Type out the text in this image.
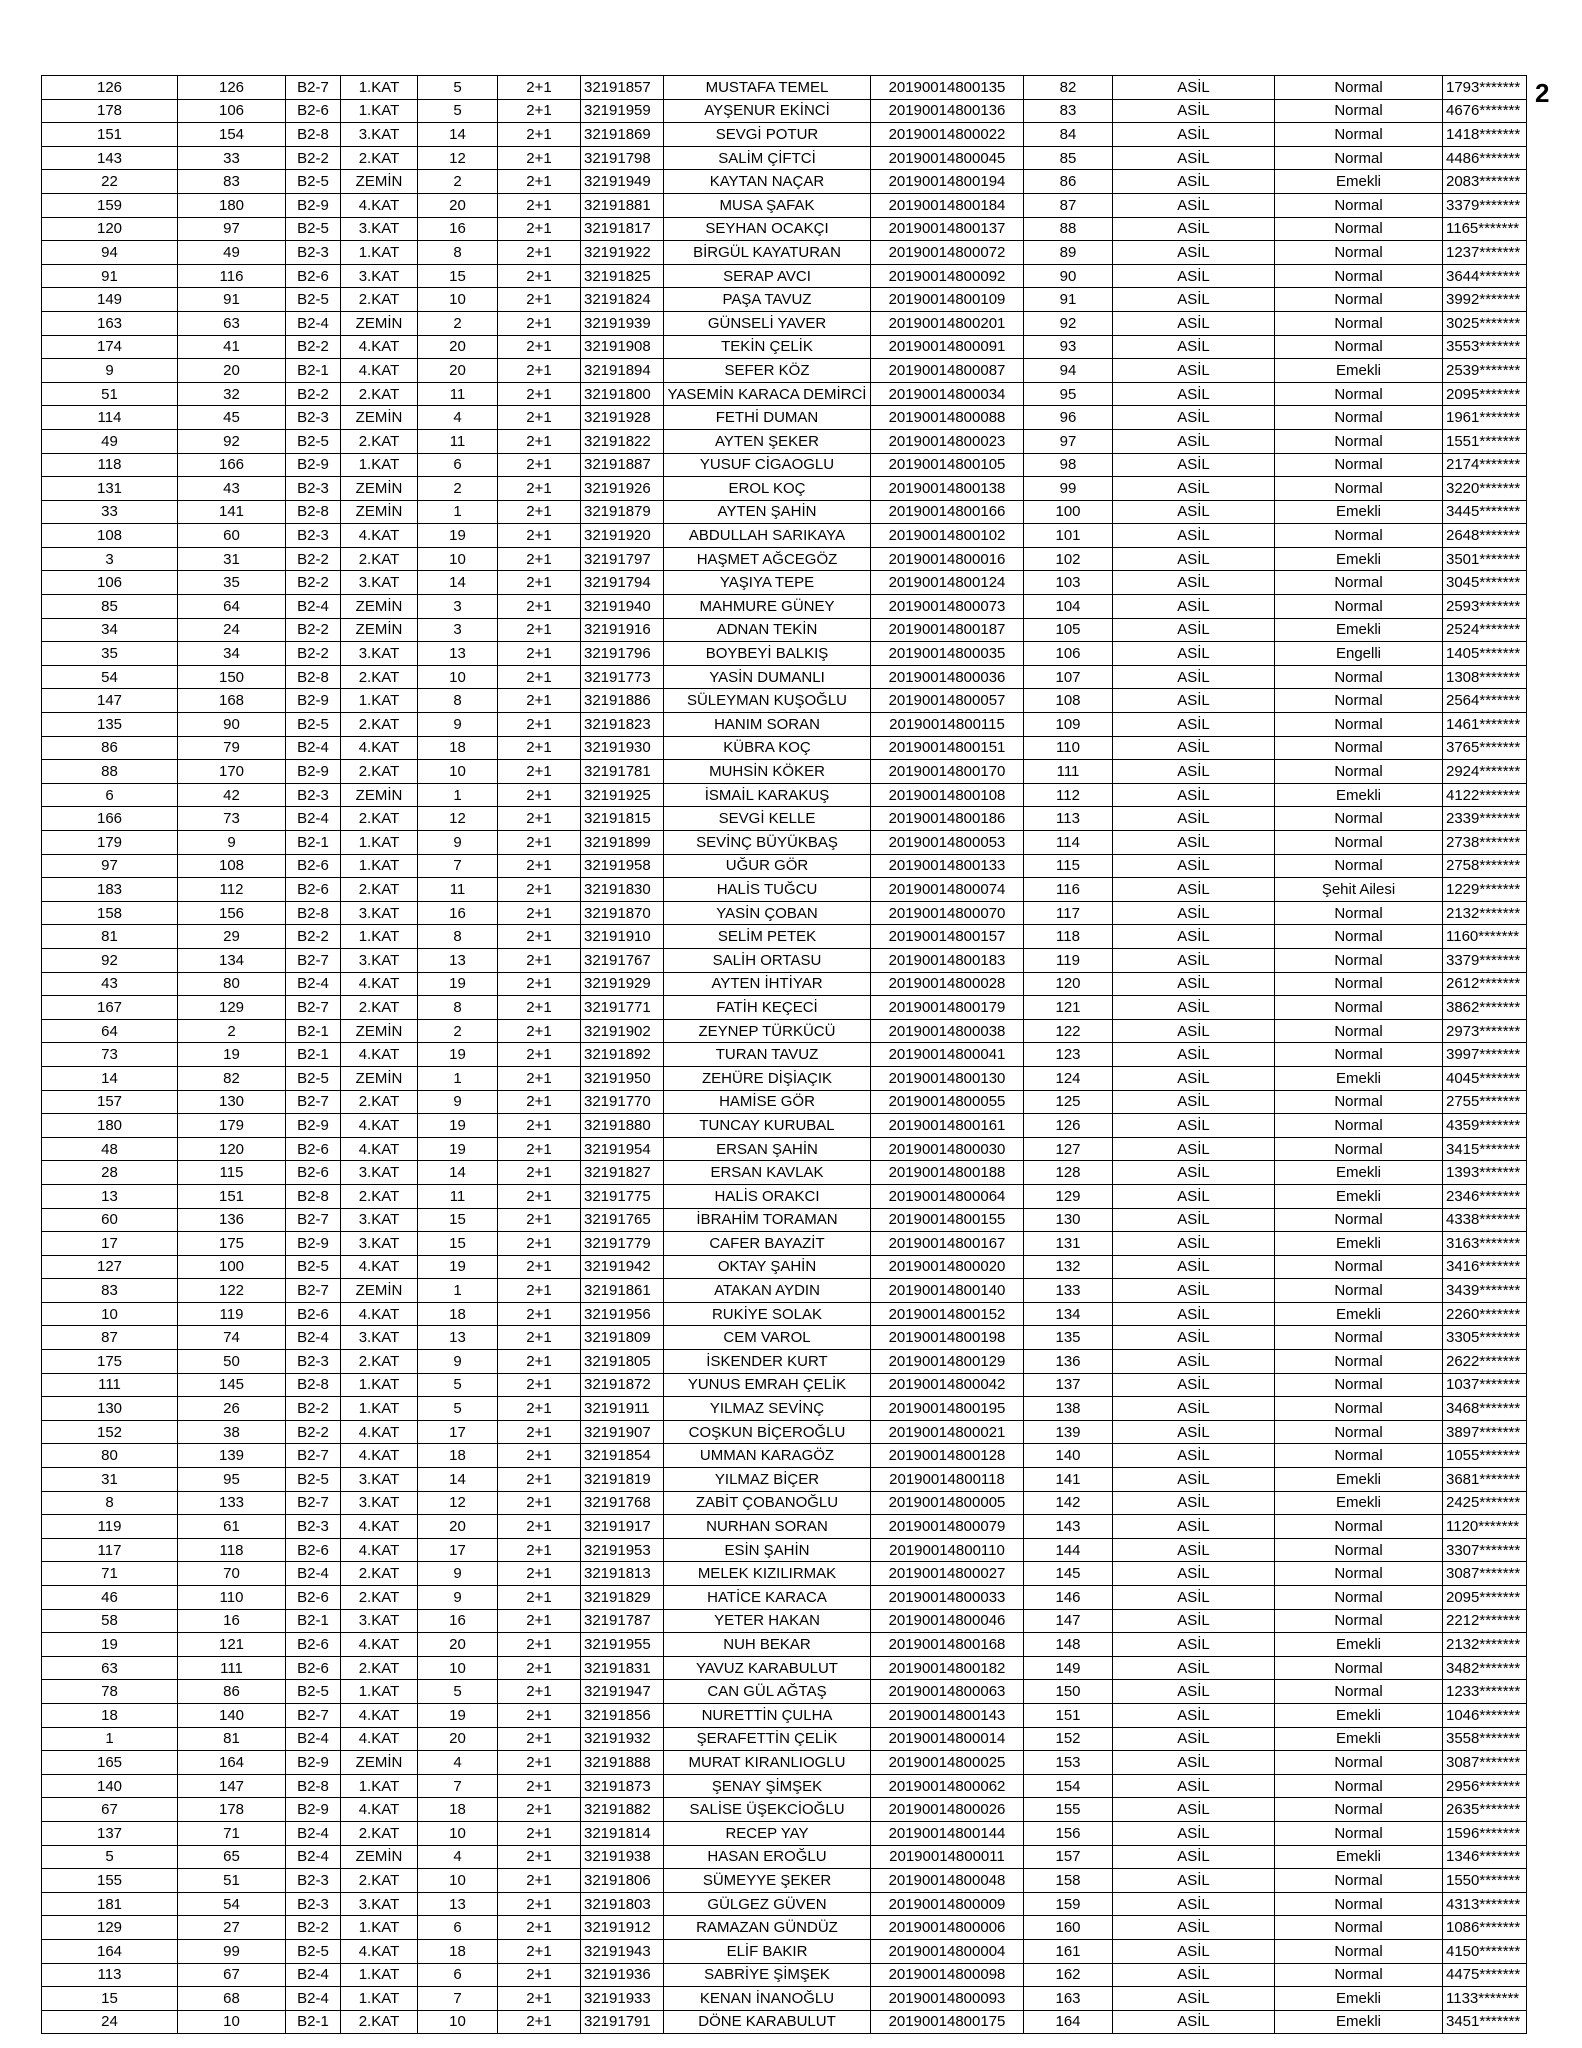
2
126	126	B2-7	1.KAT	5	2+1	32191857	MUSTAFA TEMEL	20190014800135	82	ASİL	Normal	1793*******
178	106	B2-6	1.KAT	5	2+1	32191959	AYŞENUR EKİNCİ	20190014800136	83	ASİL	Normal	4676*******
151	154	B2-8	3.KAT	14	2+1	32191869	SEVGİ POTUR	20190014800022	84	ASİL	Normal	1418*******
143	33	B2-2	2.KAT	12	2+1	32191798	SALİM ÇİFTCİ	20190014800045	85	ASİL	Normal	4486*******
22	83	B2-5	ZEMİN	2	2+1	32191949	KAYTAN NAÇAR	20190014800194	86	ASİL	Emekli	2083*******
159	180	B2-9	4.KAT	20	2+1	32191881	MUSA ŞAFAK	20190014800184	87	ASİL	Normal	3379*******
120	97	B2-5	3.KAT	16	2+1	32191817	SEYHAN OCAKÇI	20190014800137	88	ASİL	Normal	1165*******
94	49	B2-3	1.KAT	8	2+1	32191922	BİRGÜL KAYATURAN	20190014800072	89	ASİL	Normal	1237*******
91	116	B2-6	3.KAT	15	2+1	32191825	SERAP AVCI	20190014800092	90	ASİL	Normal	3644*******
149	91	B2-5	2.KAT	10	2+1	32191824	PAŞA TAVUZ	20190014800109	91	ASİL	Normal	3992*******
163	63	B2-4	ZEMİN	2	2+1	32191939	GÜNSELİ YAVER	20190014800201	92	ASİL	Normal	3025*******
174	41	B2-2	4.KAT	20	2+1	32191908	TEKİN ÇELİK	20190014800091	93	ASİL	Normal	3553*******
9	20	B2-1	4.KAT	20	2+1	32191894	SEFER KÖZ	20190014800087	94	ASİL	Emekli	2539*******
51	32	B2-2	2.KAT	11	2+1	32191800	YASEMİN KARACA DEMİRCİ	20190014800034	95	ASİL	Normal	2095*******
114	45	B2-3	ZEMİN	4	2+1	32191928	FETHİ DUMAN	20190014800088	96	ASİL	Normal	1961*******
49	92	B2-5	2.KAT	11	2+1	32191822	AYTEN ŞEKER	20190014800023	97	ASİL	Normal	1551*******
118	166	B2-9	1.KAT	6	2+1	32191887	YUSUF CİGAOGLU	20190014800105	98	ASİL	Normal	2174*******
131	43	B2-3	ZEMİN	2	2+1	32191926	EROL KOÇ	20190014800138	99	ASİL	Normal	3220*******
33	141	B2-8	ZEMİN	1	2+1	32191879	AYTEN ŞAHİN	20190014800166	100	ASİL	Emekli	3445*******
108	60	B2-3	4.KAT	19	2+1	32191920	ABDULLAH SARIKAYA	20190014800102	101	ASİL	Normal	2648*******
3	31	B2-2	2.KAT	10	2+1	32191797	HAŞMET AĞCEGÖZ	20190014800016	102	ASİL	Emekli	3501*******
106	35	B2-2	3.KAT	14	2+1	32191794	YAŞIYA TEPE	20190014800124	103	ASİL	Normal	3045*******
85	64	B2-4	ZEMİN	3	2+1	32191940	MAHMURE GÜNEY	20190014800073	104	ASİL	Normal	2593*******
34	24	B2-2	ZEMİN	3	2+1	32191916	ADNAN TEKİN	20190014800187	105	ASİL	Emekli	2524*******
35	34	B2-2	3.KAT	13	2+1	32191796	BOYBEYİ BALKIŞ	20190014800035	106	ASİL	Engelli	1405*******
54	150	B2-8	2.KAT	10	2+1	32191773	YASİN DUMANLI	20190014800036	107	ASİL	Normal	1308*******
147	168	B2-9	1.KAT	8	2+1	32191886	SÜLEYMAN KUŞOĞLU	20190014800057	108	ASİL	Normal	2564*******
135	90	B2-5	2.KAT	9	2+1	32191823	HANIM SORAN	20190014800115	109	ASİL	Normal	1461*******
86	79	B2-4	4.KAT	18	2+1	32191930	KÜBRA KOÇ	20190014800151	110	ASİL	Normal	3765*******
88	170	B2-9	2.KAT	10	2+1	32191781	MUHSİN KÖKER	20190014800170	111	ASİL	Normal	2924*******
6	42	B2-3	ZEMİN	1	2+1	32191925	İSMAİL KARAKUŞ	20190014800108	112	ASİL	Emekli	4122*******
166	73	B2-4	2.KAT	12	2+1	32191815	SEVGİ KELLE	20190014800186	113	ASİL	Normal	2339*******
179	9	B2-1	1.KAT	9	2+1	32191899	SEVİNÇ BÜYÜKBAŞ	20190014800053	114	ASİL	Normal	2738*******
97	108	B2-6	1.KAT	7	2+1	32191958	UĞUR GÖR	20190014800133	115	ASİL	Normal	2758*******
183	112	B2-6	2.KAT	11	2+1	32191830	HALİS TUĞCU	20190014800074	116	ASİL	Şehit Ailesi	1229*******
158	156	B2-8	3.KAT	16	2+1	32191870	YASİN ÇOBAN	20190014800070	117	ASİL	Normal	2132*******
81	29	B2-2	1.KAT	8	2+1	32191910	SELİM PETEK	20190014800157	118	ASİL	Normal	1160*******
92	134	B2-7	3.KAT	13	2+1	32191767	SALİH ORTASU	20190014800183	119	ASİL	Normal	3379*******
43	80	B2-4	4.KAT	19	2+1	32191929	AYTEN İHTİYAR	20190014800028	120	ASİL	Normal	2612*******
167	129	B2-7	2.KAT	8	2+1	32191771	FATİH KEÇECİ	20190014800179	121	ASİL	Normal	3862*******
64	2	B2-1	ZEMİN	2	2+1	32191902	ZEYNEP TÜRKÜCÜ	20190014800038	122	ASİL	Normal	2973*******
73	19	B2-1	4.KAT	19	2+1	32191892	TURAN TAVUZ	20190014800041	123	ASİL	Normal	3997*******
14	82	B2-5	ZEMİN	1	2+1	32191950	ZEHÜRE DİŞİAÇIK	20190014800130	124	ASİL	Emekli	4045*******
157	130	B2-7	2.KAT	9	2+1	32191770	HAMİSE GÖR	20190014800055	125	ASİL	Normal	2755*******
180	179	B2-9	4.KAT	19	2+1	32191880	TUNCAY KURUBAL	20190014800161	126	ASİL	Normal	4359*******
48	120	B2-6	4.KAT	19	2+1	32191954	ERSAN ŞAHİN	20190014800030	127	ASİL	Normal	3415*******
28	115	B2-6	3.KAT	14	2+1	32191827	ERSAN KAVLAK	20190014800188	128	ASİL	Emekli	1393*******
13	151	B2-8	2.KAT	11	2+1	32191775	HALİS ORAKCI	20190014800064	129	ASİL	Emekli	2346*******
60	136	B2-7	3.KAT	15	2+1	32191765	İBRAHİM TORAMAN	20190014800155	130	ASİL	Normal	4338*******
17	175	B2-9	3.KAT	15	2+1	32191779	CAFER BAYAZİT	20190014800167	131	ASİL	Emekli	3163*******
127	100	B2-5	4.KAT	19	2+1	32191942	OKTAY ŞAHİN	20190014800020	132	ASİL	Normal	3416*******
83	122	B2-7	ZEMİN	1	2+1	32191861	ATAKAN AYDIN	20190014800140	133	ASİL	Normal	3439*******
10	119	B2-6	4.KAT	18	2+1	32191956	RUKİYE SOLAK	20190014800152	134	ASİL	Emekli	2260*******
87	74	B2-4	3.KAT	13	2+1	32191809	CEM VAROL	20190014800198	135	ASİL	Normal	3305*******
175	50	B2-3	2.KAT	9	2+1	32191805	İSKENDER KURT	20190014800129	136	ASİL	Normal	2622*******
111	145	B2-8	1.KAT	5	2+1	32191872	YUNUS EMRAH ÇELİK	20190014800042	137	ASİL	Normal	1037*******
130	26	B2-2	1.KAT	5	2+1	32191911	YILMAZ SEVİNÇ	20190014800195	138	ASİL	Normal	3468*******
152	38	B2-2	4.KAT	17	2+1	32191907	COŞKUN BİÇEROĞLU	20190014800021	139	ASİL	Normal	3897*******
80	139	B2-7	4.KAT	18	2+1	32191854	UMMAN KARAGÖZ	20190014800128	140	ASİL	Normal	1055*******
31	95	B2-5	3.KAT	14	2+1	32191819	YILMAZ BİÇER	20190014800118	141	ASİL	Emekli	3681*******
8	133	B2-7	3.KAT	12	2+1	32191768	ZABİT ÇOBANOĞLU	20190014800005	142	ASİL	Emekli	2425*******
119	61	B2-3	4.KAT	20	2+1	32191917	NURHAN SORAN	20190014800079	143	ASİL	Normal	1120*******
117	118	B2-6	4.KAT	17	2+1	32191953	ESİN ŞAHİN	20190014800110	144	ASİL	Normal	3307*******
71	70	B2-4	2.KAT	9	2+1	32191813	MELEK KIZILIRMAK	20190014800027	145	ASİL	Normal	3087*******
46	110	B2-6	2.KAT	9	2+1	32191829	HATİCE KARACA	20190014800033	146	ASİL	Normal	2095*******
58	16	B2-1	3.KAT	16	2+1	32191787	YETER HAKAN	20190014800046	147	ASİL	Normal	2212*******
19	121	B2-6	4.KAT	20	2+1	32191955	NUH BEKAR	20190014800168	148	ASİL	Emekli	2132*******
63	111	B2-6	2.KAT	10	2+1	32191831	YAVUZ KARABULUT	20190014800182	149	ASİL	Normal	3482*******
78	86	B2-5	1.KAT	5	2+1	32191947	CAN GÜL AĞTAŞ	20190014800063	150	ASİL	Normal	1233*******
18	140	B2-7	4.KAT	19	2+1	32191856	NURETTİN ÇULHA	20190014800143	151	ASİL	Emekli	1046*******
1	81	B2-4	4.KAT	20	2+1	32191932	ŞERAFETTİN ÇELİK	20190014800014	152	ASİL	Emekli	3558*******
165	164	B2-9	ZEMİN	4	2+1	32191888	MURAT KIRANLIOGLU	20190014800025	153	ASİL	Normal	3087*******
140	147	B2-8	1.KAT	7	2+1	32191873	ŞENAY ŞİMŞEK	20190014800062	154	ASİL	Normal	2956*******
67	178	B2-9	4.KAT	18	2+1	32191882	SALİSE ÜŞEKCİOĞLU	20190014800026	155	ASİL	Normal	2635*******
137	71	B2-4	2.KAT	10	2+1	32191814	RECEP YAY	20190014800144	156	ASİL	Normal	1596*******
5	65	B2-4	ZEMİN	4	2+1	32191938	HASAN EROĞLU	20190014800011	157	ASİL	Emekli	1346*******
155	51	B2-3	2.KAT	10	2+1	32191806	SÜMEYYE ŞEKER	20190014800048	158	ASİL	Normal	1550*******
181	54	B2-3	3.KAT	13	2+1	32191803	GÜLGEZ GÜVEN	20190014800009	159	ASİL	Normal	4313*******
129	27	B2-2	1.KAT	6	2+1	32191912	RAMAZAN GÜNDÜZ	20190014800006	160	ASİL	Normal	1086*******
164	99	B2-5	4.KAT	18	2+1	32191943	ELİF BAKIR	20190014800004	161	ASİL	Normal	4150*******
113	67	B2-4	1.KAT	6	2+1	32191936	SABRİYE ŞİMŞEK	20190014800098	162	ASİL	Normal	4475*******
15	68	B2-4	1.KAT	7	2+1	32191933	KENAN İNANOĞLU	20190014800093	163	ASİL	Emekli	1133*******
24	10	B2-1	2.KAT	10	2+1	32191791	DÖNE KARABULUT	20190014800175	164	ASİL	Emekli	3451*******
